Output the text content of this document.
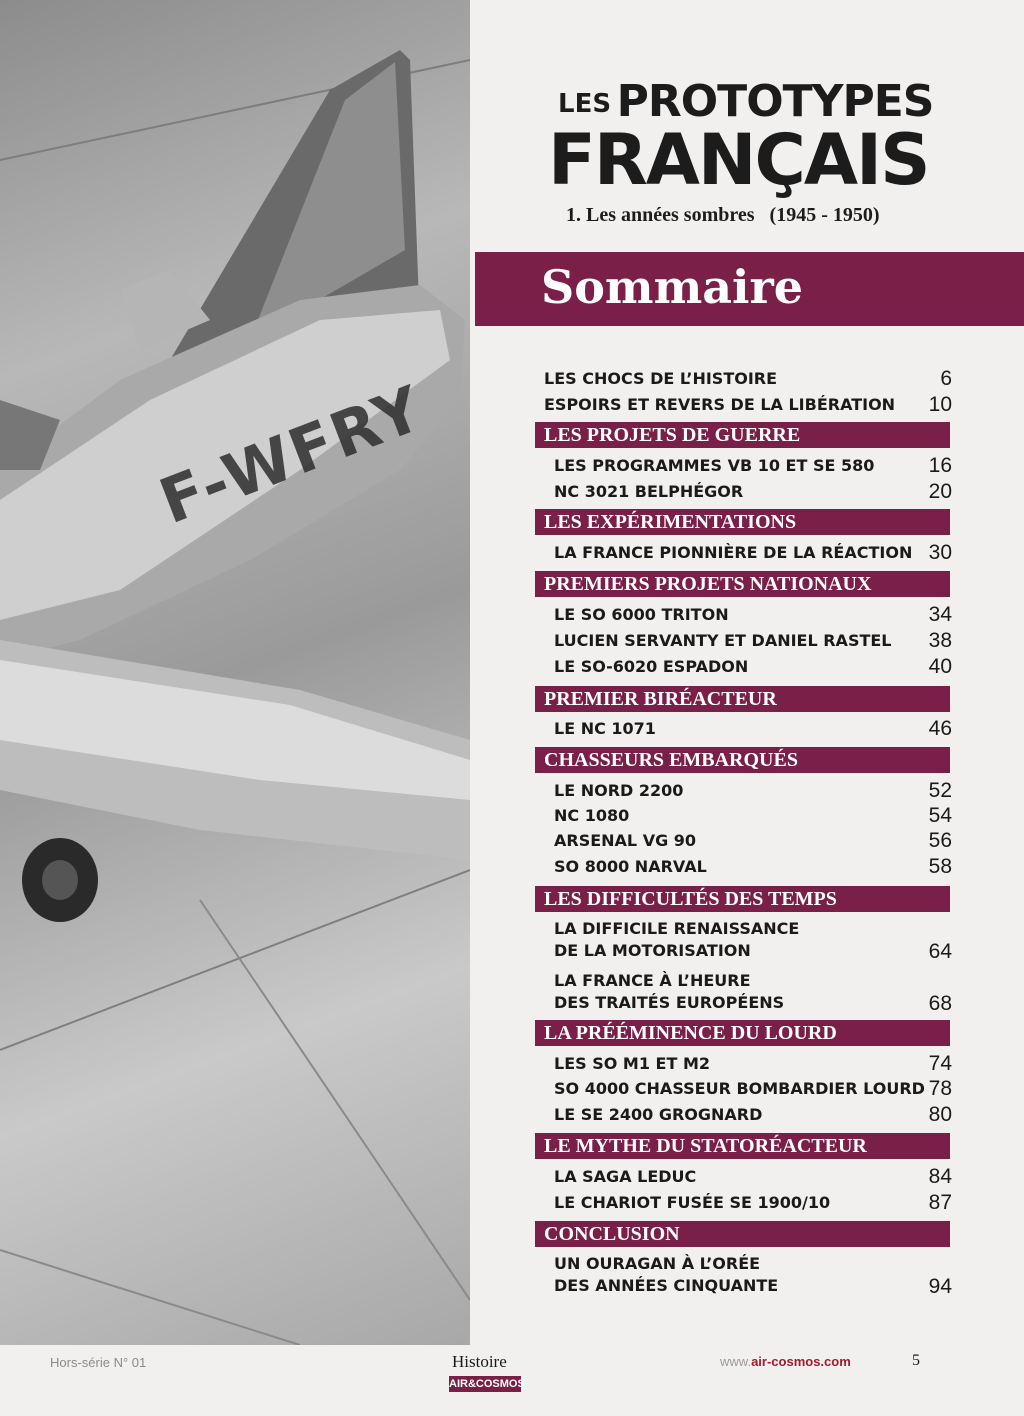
F-WFRY
LES PROTOTYPES
FRANÇAIS
1. Les années sombres (1945 - 1950)
Sommaire
LES CHOCS DE L’HISTOIRE	6
ESPOIRS ET REVERS DE LA LIBÉRATION 10
LES PROJETS DE GUERRE
LES PROGRAMMES VB 10 ET SE 580	16
NC 3021 BELPHÉGOR	20
LES EXPÉRIMENTATIONS
LA FRANCE PIONNIÈRE DE LA RÉACTION 30
PREMIERS PROJETS NATIONAUX
LE SO 6000 TRITON	34
LUCIEN SERVANTY ET DANIEL RASTEL 38
LE SO-6020 ESPADON	40
PREMIER BIRÉACTEUR
LE NC 1071	46
CHASSEURS EMBARQUÉS
LE NORD 2200	52
NC 1080	54
ARSENAL VG 90	56
SO 8000 NARVAL	58
LES DIFFICULTÉS DES TEMPS
LA DIFFICILE RENAISSANCE
DE LA MOTORISATION	64
LA FRANCE À L’HEURE
DES TRAITÉS EUROPÉENS	68
LA PRÉÉMINENCE DU LOURD
LES SO M1 ET M2	74
SO 4000 CHASSEUR BOMBARDIER LOURD 78
LE SE 2400 GROGNARD	80
LE MYTHE DU STATORÉACTEUR
LA SAGA LEDUC	84
LE CHARIOT FUSÉE SE 1900/10	87
CONCLUSION
UN OURAGAN À L’ORÉE
DES ANNÉES CINQUANTE	94
Hors-série N° 01	Histoire
AIR&COSMOS
www.air-cosmos.com	5
